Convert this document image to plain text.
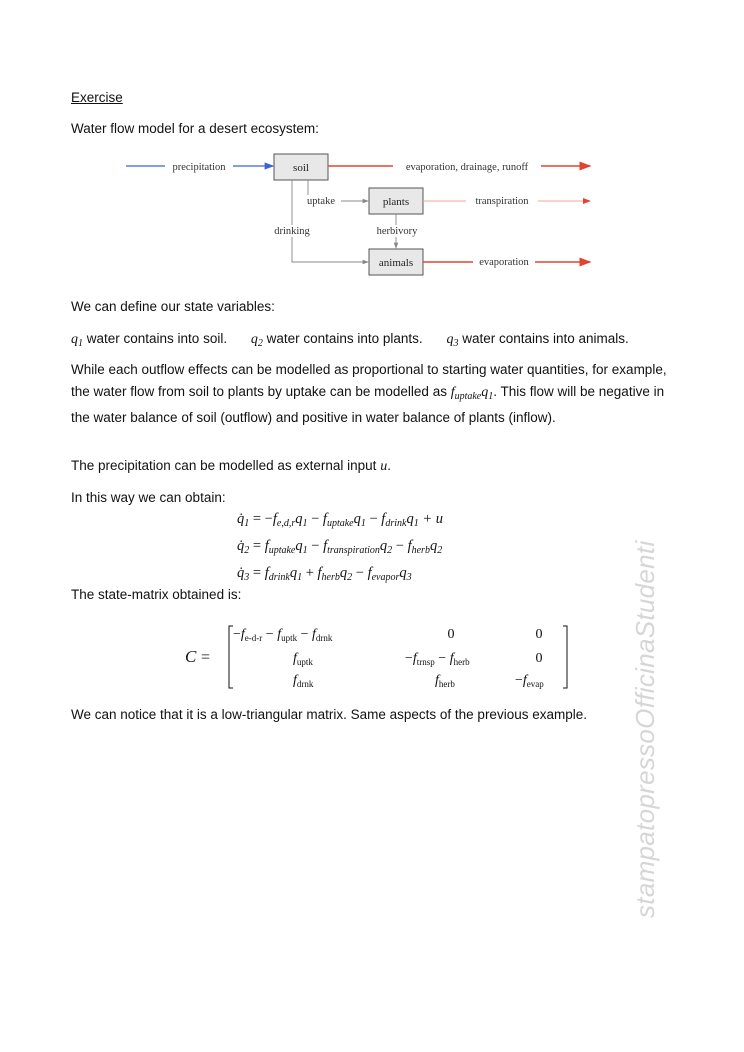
Exercise

Water flow model for a desert ecosystem:

soil
plants
animals
precipitation	evaporation, drainage, runoff
uptake	transpiration
drinking	herbivory
evaporation

We can define our state variables:

$q_1$ water contains into soil. $q_2$ water contains into plants. $q_3$ water contains into animals.

While each outflow effects can be modelled as proportional to starting water quantities, for example, the water flow from soil to plants by uptake can be modelled as $f_{uptake}q_1$. This flow will be negative in the water balance of soil (outflow) and positive in water balance of plants (inflow).

The precipitation can be modelled as external input u.

In this way we can obtain:

$q̇_1 = -f_{e,d,r}q_1 - f_{uptake}q_1 - f_{drink}q_1 + u$
$q̇_2 = f_{uptake}q_1 - f_{transpiration}q_2 - f_{herb}q_2$
$q̇_3 = f_{drink}q_1 + f_{herb}q_2 - f_{evapor}q_3$

The state-matrix obtained is:

C =
$-f_{e-d-r} - f_{uptk} - f_{drnk}$	0	0
$f_{uptk}$	$-f_{trnsp} - f_{herb}$	0
$f_{drnk}$	$f_{herb}$	$-f_{evap}$

We can notice that it is a low-triangular matrix. Same aspects of the previous example. stampatopressoOfficinaStudenti
